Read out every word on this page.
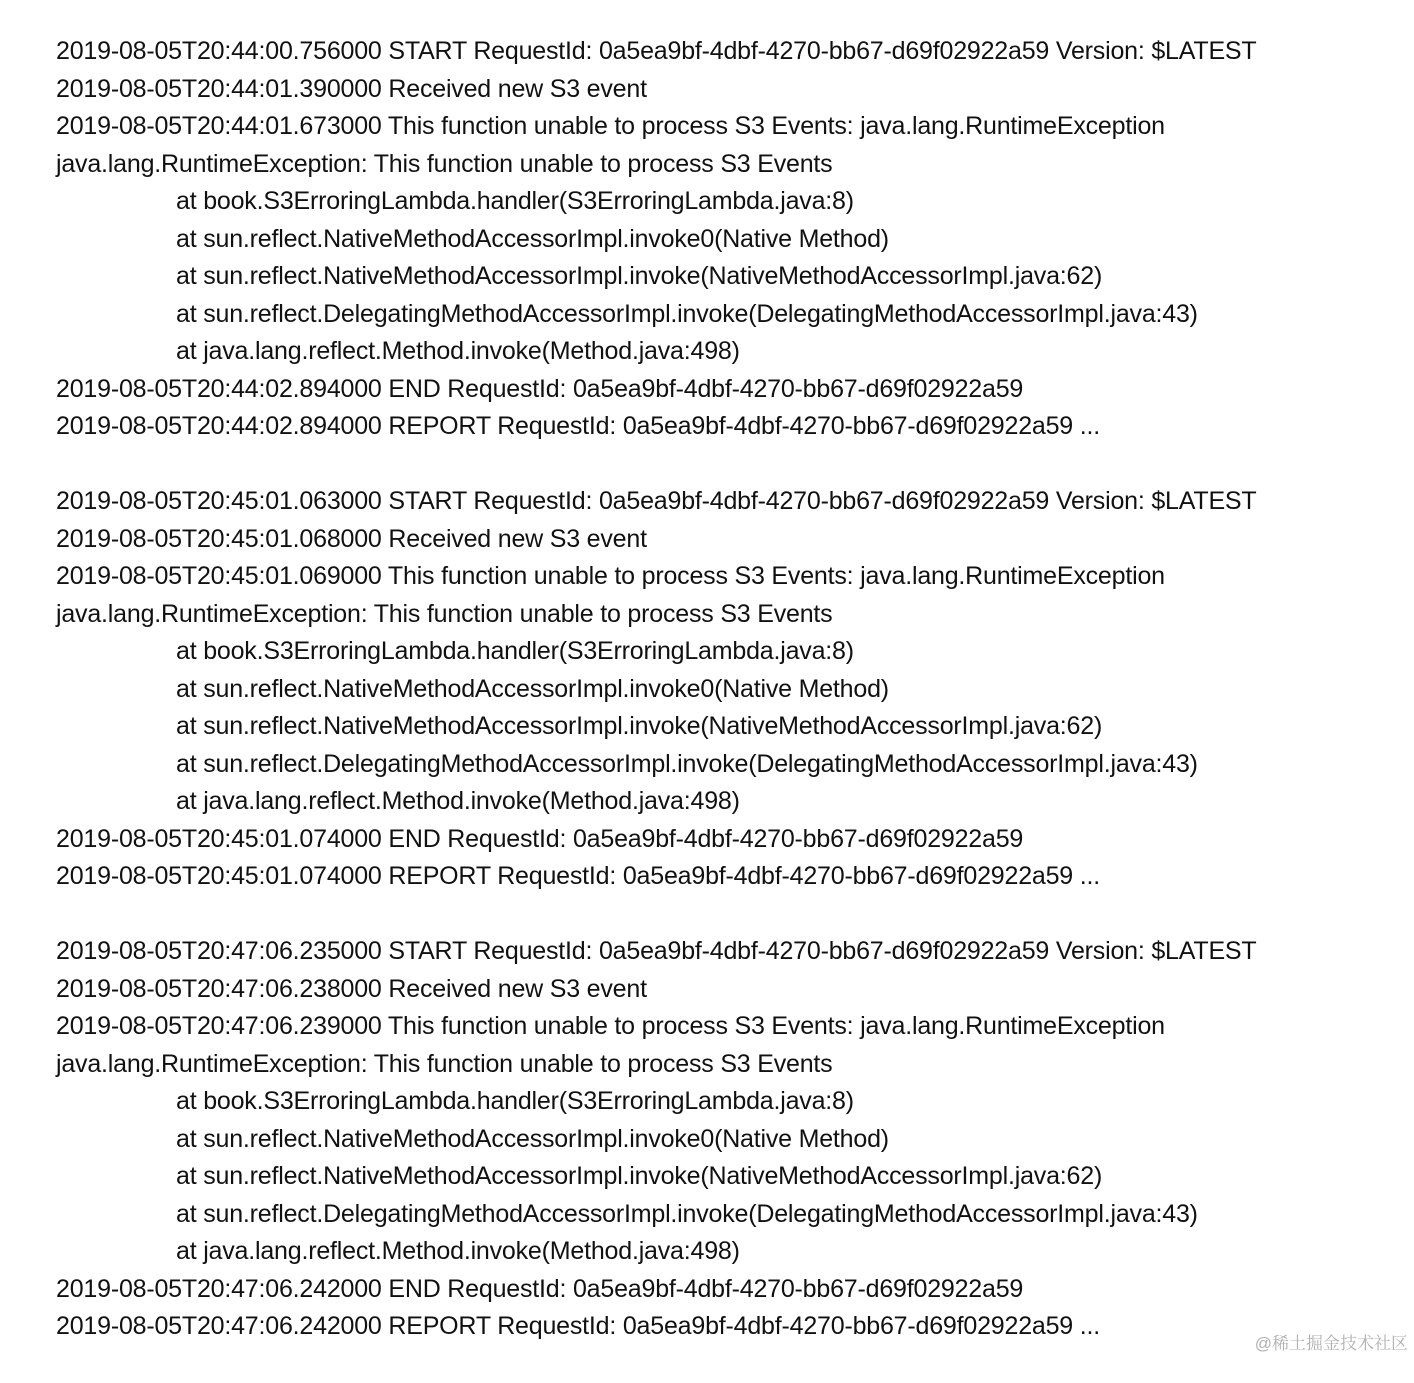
2019-08-05T20:44:00.756000 START RequestId: 0a5ea9bf-4dbf-4270-bb67-d69f02922a59 Version: $LATEST
2019-08-05T20:44:01.390000 Received new S3 event
2019-08-05T20:44:01.673000 This function unable to process S3 Events: java.lang.RuntimeException
java.lang.RuntimeException: This function unable to process S3 Events
at book.S3ErroringLambda.handler(S3ErroringLambda.java:8)
at sun.reflect.NativeMethodAccessorImpl.invoke0(Native Method)
at sun.reflect.NativeMethodAccessorImpl.invoke(NativeMethodAccessorImpl.java:62)
at sun.reflect.DelegatingMethodAccessorImpl.invoke(DelegatingMethodAccessorImpl.java:43)
at java.lang.reflect.Method.invoke(Method.java:498)
2019-08-05T20:44:02.894000 END RequestId: 0a5ea9bf-4dbf-4270-bb67-d69f02922a59
2019-08-05T20:44:02.894000 REPORT RequestId: 0a5ea9bf-4dbf-4270-bb67-d69f02922a59 ...
2019-08-05T20:45:01.063000 START RequestId: 0a5ea9bf-4dbf-4270-bb67-d69f02922a59 Version: $LATEST
2019-08-05T20:45:01.068000 Received new S3 event
2019-08-05T20:45:01.069000 This function unable to process S3 Events: java.lang.RuntimeException
java.lang.RuntimeException: This function unable to process S3 Events
at book.S3ErroringLambda.handler(S3ErroringLambda.java:8)
at sun.reflect.NativeMethodAccessorImpl.invoke0(Native Method)
at sun.reflect.NativeMethodAccessorImpl.invoke(NativeMethodAccessorImpl.java:62)
at sun.reflect.DelegatingMethodAccessorImpl.invoke(DelegatingMethodAccessorImpl.java:43)
at java.lang.reflect.Method.invoke(Method.java:498)
2019-08-05T20:45:01.074000 END RequestId: 0a5ea9bf-4dbf-4270-bb67-d69f02922a59
2019-08-05T20:45:01.074000 REPORT RequestId: 0a5ea9bf-4dbf-4270-bb67-d69f02922a59 ...
2019-08-05T20:47:06.235000 START RequestId: 0a5ea9bf-4dbf-4270-bb67-d69f02922a59 Version: $LATEST
2019-08-05T20:47:06.238000 Received new S3 event
2019-08-05T20:47:06.239000 This function unable to process S3 Events: java.lang.RuntimeException
java.lang.RuntimeException: This function unable to process S3 Events
at book.S3ErroringLambda.handler(S3ErroringLambda.java:8)
at sun.reflect.NativeMethodAccessorImpl.invoke0(Native Method)
at sun.reflect.NativeMethodAccessorImpl.invoke(NativeMethodAccessorImpl.java:62)
at sun.reflect.DelegatingMethodAccessorImpl.invoke(DelegatingMethodAccessorImpl.java:43)
at java.lang.reflect.Method.invoke(Method.java:498)
2019-08-05T20:47:06.242000 END RequestId: 0a5ea9bf-4dbf-4270-bb67-d69f02922a59
2019-08-05T20:47:06.242000 REPORT RequestId: 0a5ea9bf-4dbf-4270-bb67-d69f02922a59 ...
@稀土掘金技术社区
